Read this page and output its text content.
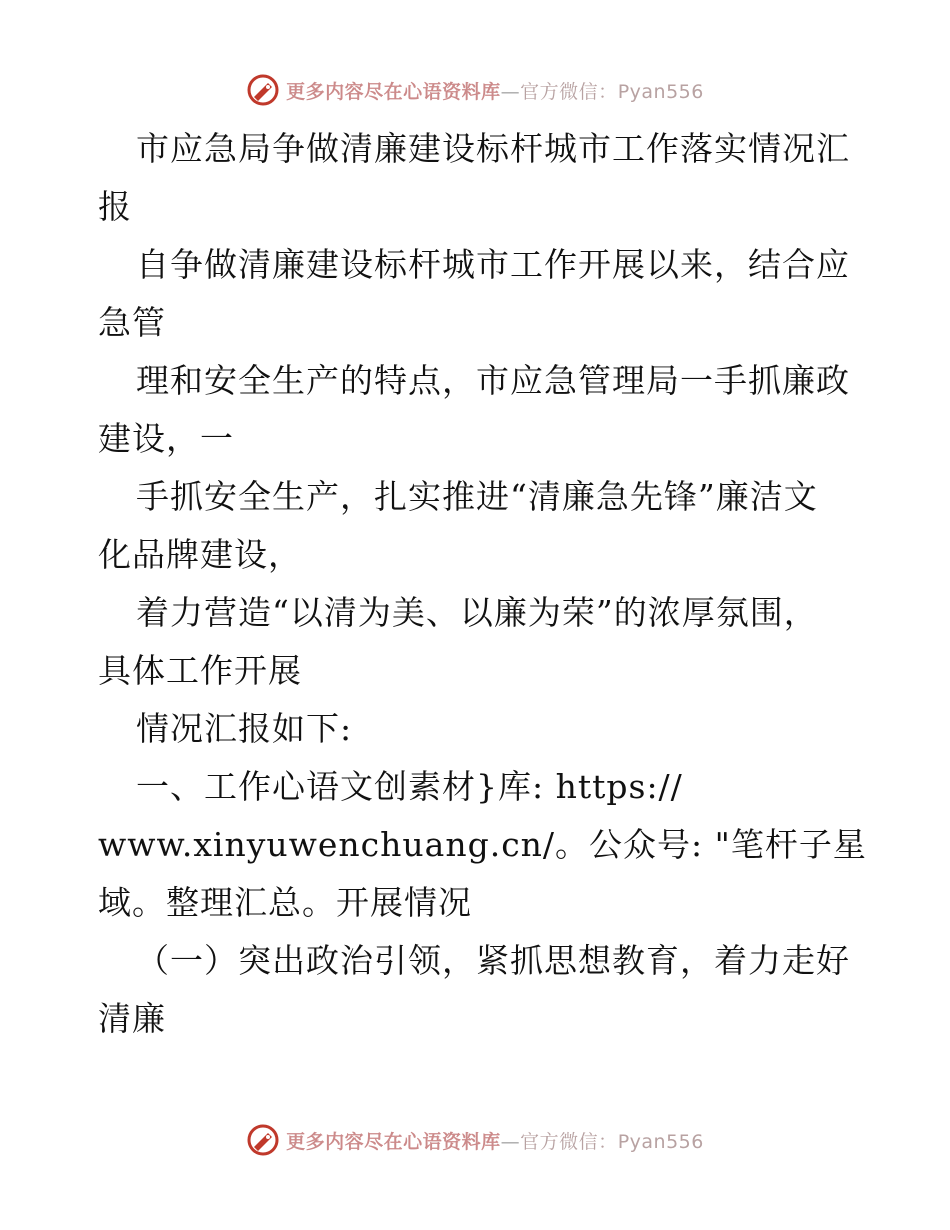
更多内容尽在心语资料库—官方微信：Pyan556
市应急局争做清廉建设标杆城市工作落实情况汇
报
自争做清廉建设标杆城市工作开展以来，结合应
急管
理和安全生产的特点，市应急管理局一手抓廉政
建设，一
手抓安全生产，扎实推进“清廉急先锋”廉洁文
化品牌建设，
着力营造“以清为美、以廉为荣”的浓厚氛围，
具体工作开展
情况汇报如下:
一、工作心语文创素材}库: https://
www.xinyuwenchuang.cn/。公众号: "笔杆子星
域。整理汇总。开展情况
（一）突出政治引领，紧抓思想教育，着力走好
清廉
更多内容尽在心语资料库—官方微信：Pyan556
